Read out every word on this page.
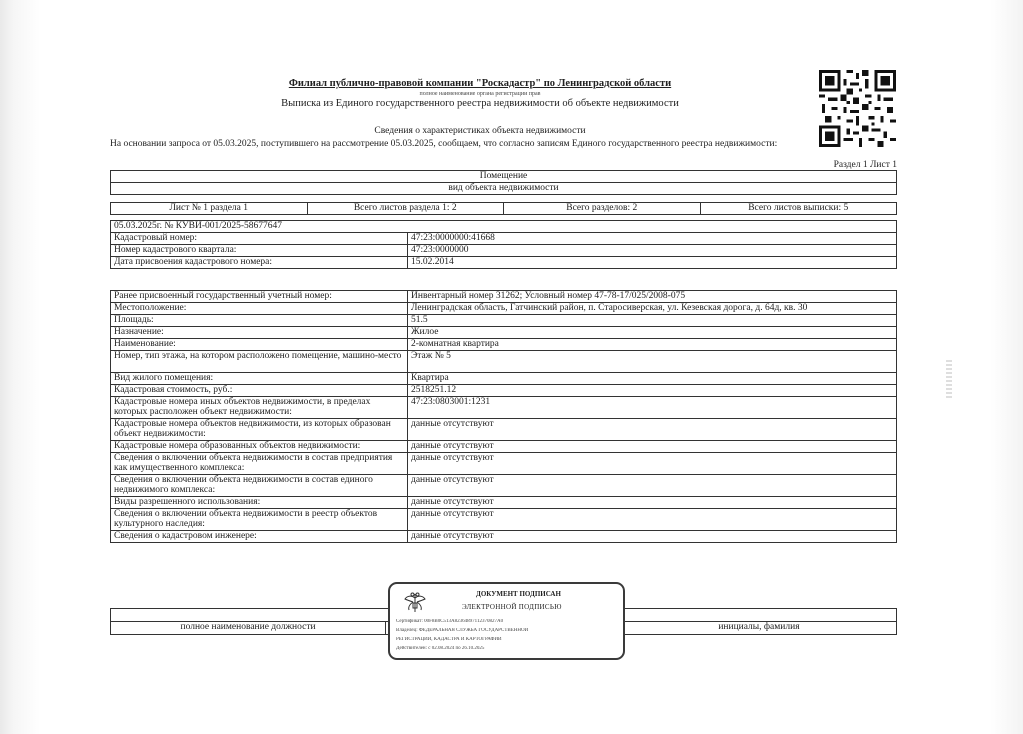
Филиал публично-правовой компании "Роскадастр" по Ленинградской области
полное наименование органа регистрации прав
Выписка из Единого государственного реестра недвижимости об объекте недвижимости
Сведения о характеристиках объекта недвижимости
На основании запроса от 05.03.2025, поступившего на рассмотрение 05.03.2025, сообщаем, что согласно записям Единого государственного реестра недвижимости:
Раздел 1 Лист 1
Помещение
вид объекта недвижимости
Лист № 1 раздела 1	Всего листов раздела 1: 2	Всего разделов: 2	Всего листов выписки: 5
05.03.2025г. № КУВИ-001/2025-58677647	
Кадастровый номер:	47:23:0000000:41668
Номер кадастрового квартала:	47:23:0000000
Дата присвоения кадастрового номера:	15.02.2014
Ранее присвоенный государственный учетный номер:	Инвентарный номер 31262; Условный номер 47-78-17/025/2008-075
Местоположение:	Ленинградская область, Гатчинский район, п. Старосиверская, ул. Кезевская дорога, д. 64д, кв. 30
Площадь:	51.5
Назначение:	Жилое
Наименование:	2-комнатная квартира
Номер, тип этажа, на котором расположено помещение, машино-место	Этаж № 5
Вид жилого помещения:	Квартира
Кадастровая стоимость, руб.:	2518251.12
Кадастровые номера иных объектов недвижимости, в пределах которых расположен объект недвижимости:	47:23:0803001:1231
Кадастровые номера объектов недвижимости, из которых образован объект недвижимости:	данные отсутствуют
Кадастровые номера образованных объектов недвижимости:	данные отсутствуют
Сведения о включении объекта недвижимости в состав предприятия как имущественного комплекса:	данные отсутствуют
Сведения о включении объекта недвижимости в состав единого недвижимого комплекса:	данные отсутствуют
Виды разрешенного использования:	данные отсутствуют
Сведения о включении объекта недвижимости в реестр объектов культурного наследия:	данные отсутствуют
Сведения о кадастровом инженере:	данные отсутствуют

полное наименование должности		инициалы, фамилия
ДОКУМЕНТ ПОДПИСАН
ЭЛЕКТРОННОЙ ПОДПИСЬЮ
Сертификат: 00F8B0C513A82364897112370827A0
Владелец: ФЕДЕРАЛЬНАЯ СЛУЖБА ГОСУДАРСТВЕННОЙ
РЕГИСТРАЦИИ, КАДАСТРА И КАРТОГРАФИИ
Действителен: с 02.08.2024 по 26.10.2025
